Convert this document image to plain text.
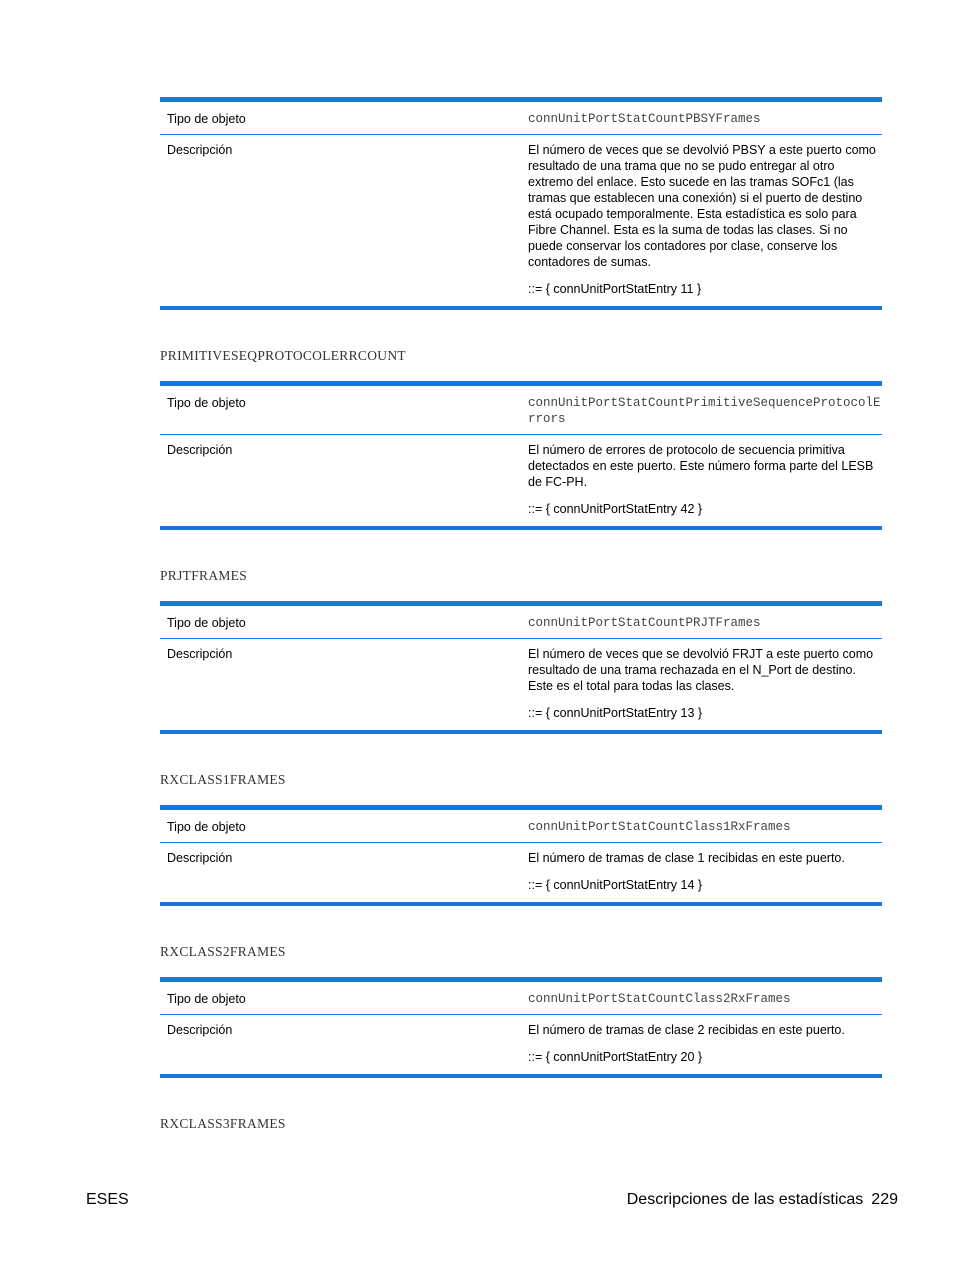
Tipo de objeto	connUnitPortStatCountPBSYFrames

Descripción	El número de veces que se devolvió PBSY a este puerto como resultado de una trama que no se pudo entregar al otro extremo del enlace. Esto sucede en las tramas SOFc1 (las tramas que establecen una conexión) si el puerto de destino está ocupado temporalmente. Esta estadística es solo para Fibre Channel. Esta es la suma de todas las clases. Si no puede conservar los contadores por clase, conserve los contadores de sumas.

::= { connUnitPortStatEntry 11 }

PRIMITIVESEQPROTOCOLERRCOUNT

Tipo de objeto	connUnitPortStatCountPrimitiveSequenceProtocolErrors

Descripción	El número de errores de protocolo de secuencia primitiva detectados en este puerto. Este número forma parte del LESB de FC-PH.

::= { connUnitPortStatEntry 42 }

PRJTFRAMES

Tipo de objeto	connUnitPortStatCountPRJTFrames

Descripción	El número de veces que se devolvió FRJT a este puerto como resultado de una trama rechazada en el N_Port de destino. Este es el total para todas las clases.

::= { connUnitPortStatEntry 13 }

RXCLASS1FRAMES

Tipo de objeto	connUnitPortStatCountClass1RxFrames

Descripción	El número de tramas de clase 1 recibidas en este puerto.

::= { connUnitPortStatEntry 14 }

RXCLASS2FRAMES

Tipo de objeto	connUnitPortStatCountClass2RxFrames

Descripción	El número de tramas de clase 2 recibidas en este puerto.

::= { connUnitPortStatEntry 20 }

RXCLASS3FRAMES

ESES	Descripciones de las estadísticas 229
